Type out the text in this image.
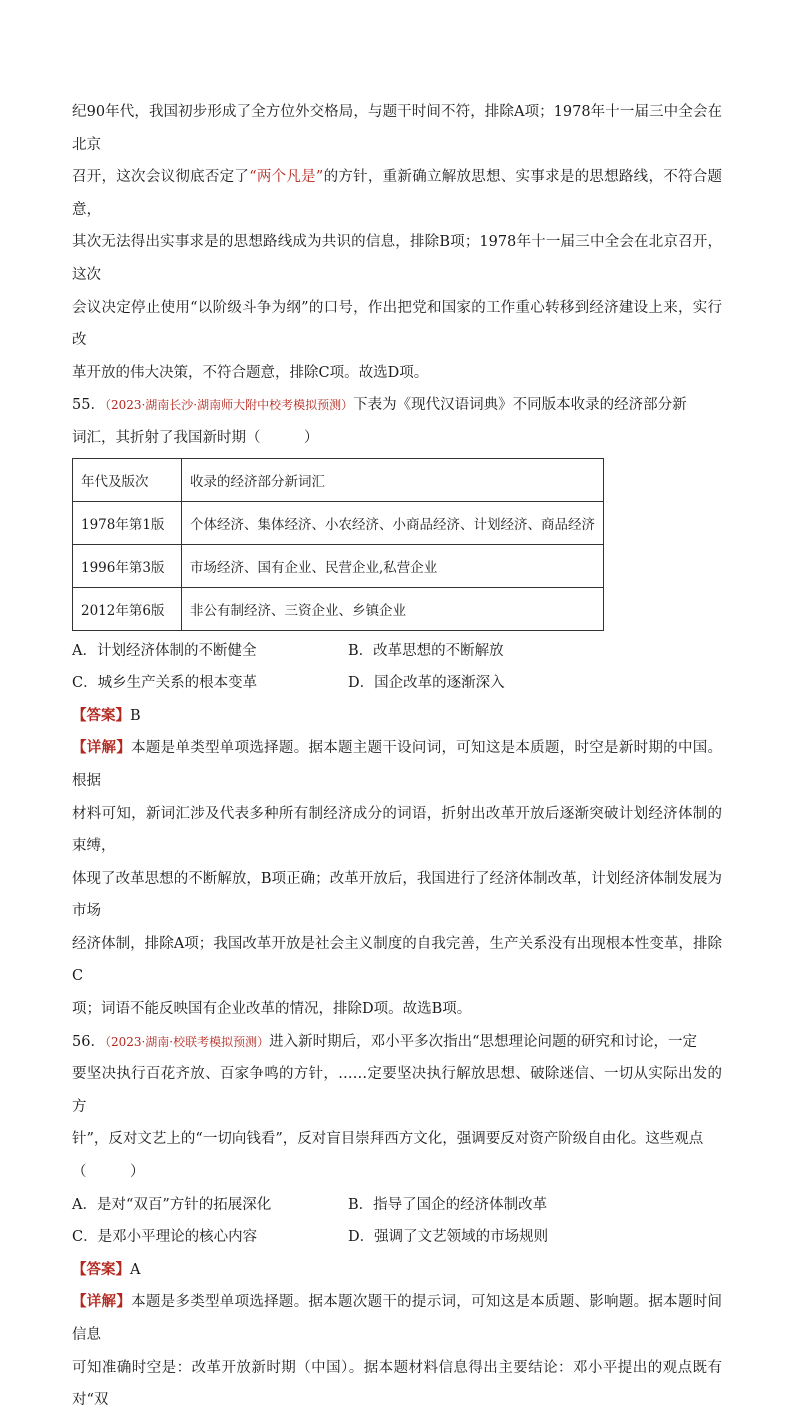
纪90年代，我国初步形成了全方位外交格局，与题干时间不符，排除A项；1978年十一届三中全会在北京

召开，这次会议彻底否定了“两个凡是”的方针，重新确立解放思想、实事求是的思想路线，不符合题意，

其次无法得出实事求是的思想路线成为共识的信息，排除B项；1978年十一届三中全会在北京召开，这次

会议决定停止使用“以阶级斗争为纲”的口号，作出把党和国家的工作重心转移到经济建设上来，实行改

革开放的伟大决策，不符合题意，排除C项。故选D项。

55．（2023·湖南长沙·湖南师大附中校考模拟预测）下表为《现代汉语词典》不同版本收录的经济部分新

词汇，其折射了我国新时期（　　　）

年代及版次	收录的经济部分新词汇
1978年第1版	个体经济、集体经济、小农经济、小商品经济、计划经济、商品经济
1996年第3版	市场经济、国有企业、民营企业,私营企业
2012年第6版	非公有制经济、三资企业、乡镇企业
A．计划经济体制的不断健全	B．改革思想的不断解放
C．城乡生产关系的根本变革	D．国企改革的逐渐深入

【答案】B

【详解】本题是单类型单项选择题。据本题主题干设问词，可知这是本质题，时空是新时期的中国。根据

材料可知，新词汇涉及代表多种所有制经济成分的词语，折射出改革开放后逐渐突破计划经济体制的束缚，

体现了改革思想的不断解放，B项正确；改革开放后，我国进行了经济体制改革，计划经济体制发展为市场

经济体制，排除A项；我国改革开放是社会主义制度的自我完善，生产关系没有出现根本性变革，排除C

项；词语不能反映国有企业改革的情况，排除D项。故选B项。

56．（2023·湖南·校联考模拟预测）进入新时期后，邓小平多次指出“思想理论问题的研究和讨论，一定

要坚决执行百花齐放、百家争鸣的方针，……定要坚决执行解放思想、破除迷信、一切从实际出发的方

针”，反对文艺上的“一切向钱看”，反对盲目崇拜西方文化，强调要反对资产阶级自由化。这些观点

（　　　）

A．是对“双百”方针的拓展深化	B．指导了国企的经济体制改革
C．是邓小平理论的核心内容	D．强调了文艺领域的市场规则

【答案】A

【详解】本题是多类型单项选择题。据本题次题干的提示词，可知这是本质题、影响题。据本题时间信息

可知准确时空是：改革开放新时期（中国）。据本题材料信息得出主要结论：邓小平提出的观点既有对“双
